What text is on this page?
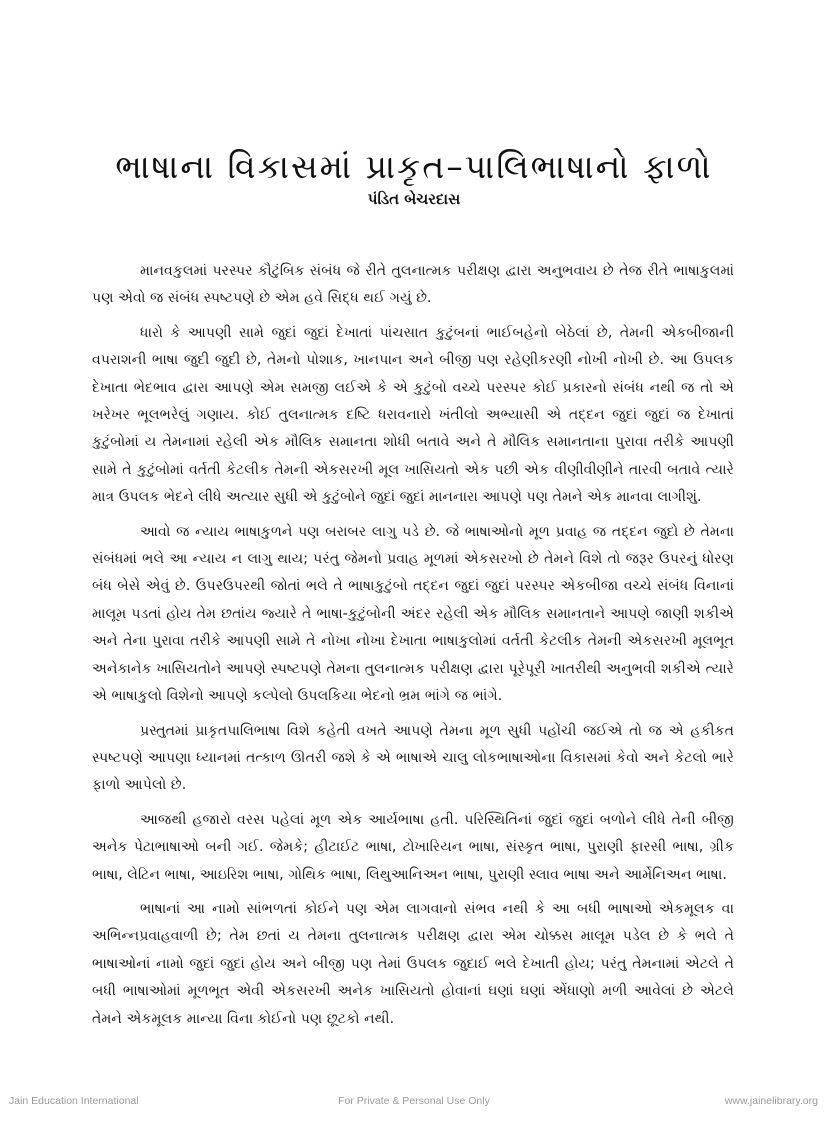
ભાષાના વિકાસમાં પ્રાકૃત–પાલિભાષાનો ફાળો
પંડિત બેચરદાસ

માનવકુલમાં પરસ્પર કૌટુંબિક સંબંધ જે રીતે તુલનાત્મક પરીક્ષણ દ્વારા અનુભવાય છે તેજ રીતે ભાષાકુલમાં પણ એવો જ સંબંધ સ્પષ્ટપણે છે એમ હવે સિદ્ધ થઈ ગયું છે.

ધારો કે આપણી સામે જુદાં જુદાં દેખાતાં પાંચસાત કુટુંબનાં ભાઈબહેનો બેઠેલાં છે, તેમની એકબીજાની વપરાશની ભાષા જુદી જુદી છે, તેમનો પોશાક, ખાનપાન અને બીજી પણ રહેણીકરણી નોખી નોખી છે. આ ઉપલક દેખાતા ભેદભાવ દ્વારા આપણે એમ સમજી લઈએ કે એ કુટુંબો વચ્ચે પરસ્પર કોઈ પ્રકારનો સંબંધ નથી જ તો એ ખરેખર ભૂલભરેલું ગણાય. કોઈ તુલનાત્મક દષ્ટિ ધરાવનારો ખંતીલો અભ્યાસી એ તદ્દન જુદાં જુદાં જ દેખાતાં કુટુંબોમાં ય તેમનામાં રહેલી એક મૌલિક સમાનતા શોધી બતાવે અને તે મૌલિક સમાનતાના પુરાવા તરીકે આપણી સામે તે કુટુંબોમાં વર્તતી કેટલીક તેમની એકસરખી મૂલ ખાસિયતો એક પછી એક વીણીવીણીને તારવી બતાવે ત્યારે માત્ર ઉપલક ભેદને લીધે અત્યાર સુધી એ કુટુંબોને જુદાં જુદાં માનનારા આપણે પણ તેમને એક માનવા લાગીશું.

આવો જ ન્યાય ભાષાકુળને પણ બરાબર લાગુ પડે છે. જે ભાષાઓનો મૂળ પ્રવાહ જ તદ્દન જુદો છે તેમના સંબંધમાં ભલે આ ન્યાય ન લાગુ થાય; પરંતુ જેમનો પ્રવાહ મૂળમાં એકસરખો છે તેમને વિશે તો જરૂર ઉપરનું ધોરણ બંધ બેસે એવું છે. ઉપરઉપરથી જોતાં ભલે તે ભાષાકુટુંબો તદ્દન જુદાં જુદાં પરસ્પર એકબીજા વચ્ચે સંબંધ વિનાનાં માલૂમ પડતાં હોય તેમ છતાંય જ્યારે તે ભાષા-કુટુંબોની અંદર રહેલી એક મૌલિક સમાનતાને આપણે જાણી શકીએ અને તેના પુરાવા તરીકે આપણી સામે તે નોખા નોખા દેખાતા ભાષાકુલોમાં વર્તતી કેટલીક તેમની એકસરખી મૂલભૂત અનેકાનેક ખાસિયતોને આપણે સ્પષ્ટપણે તેમના તુલનાત્મક પરીક્ષણ દ્વારા પૂરેપૂરી ખાતરીથી અનુભવી શકીએ ત્યારે એ ભાષાકુલો વિશેનો આપણે કલ્પેલો ઉપલકિયા ભેદનો ભ્રમ ભાંગે જ ભાંગે.

પ્રસ્તુતમાં પ્રાકૃતપાલિભાષા વિશે કહેતી વખતે આપણે તેમના મૂળ સુધી પહોંચી જઈએ તો જ એ હકીકત સ્પષ્ટપણે આપણા ધ્યાનમાં તત્કાળ ઊતરી જશે કે એ ભાષાએ ચાલુ લોકભાષાઓના વિકાસમાં કેવો અને કેટલો ભારે ફાળો આપેલો છે.

આજથી હજારો વરસ પહેલાં મૂળ એક આર્યભાષા હતી. પરિસ્થિતિનાં જુદાં જુદાં બળોને લીધે તેની બીજી અનેક પેટાભાષાઓ બની ગઈ. જેમકે; હીટાઈટ ભાષા, ટોખારિયન ભાષા, સંસ્કૃત ભાષા, પુરાણી ફારસી ભાષા, ગ્રીક ભાષા, લેટિન ભાષા, આઇરિશ ભાષા, ગોથિક ભાષા, લિથુઆનિઅન ભાષા, પુરાણી સ્લાવ ભાષા અને આર્મેનિઅન ભાષા.

ભાષાનાં આ નામો સાંભળતાં કોઈને પણ એમ લાગવાનો સંભવ નથી કે આ બધી ભાષાઓ એકમૂલક વા અભિન્નપ્રવાહવાળી છે; તેમ છતાં ય તેમના તુલનાત્મક પરીક્ષણ દ્વારા એમ ચોક્કસ માલૂમ પડેલ છે કે ભલે તે ભાષાઓનાં નામો જુદાં જુદાં હોય અને બીજી પણ તેમાં ઉપલક જુદાઈ ભલે દેખાતી હોય; પરંતુ તેમનામાં એટલે તે બધી ભાષાઓમાં મૂળભૂત એવી એકસરખી અનેક ખાસિયતો હોવાનાં ઘણાં ઘણાં એંધાણો મળી આવેલાં છે એટલે તેમને એકમૂલક માન્યા વિના કોઈનો પણ છૂટકો નથી.

Jain Education International	For Private & Personal Use Only	www.jainelibrary.org
